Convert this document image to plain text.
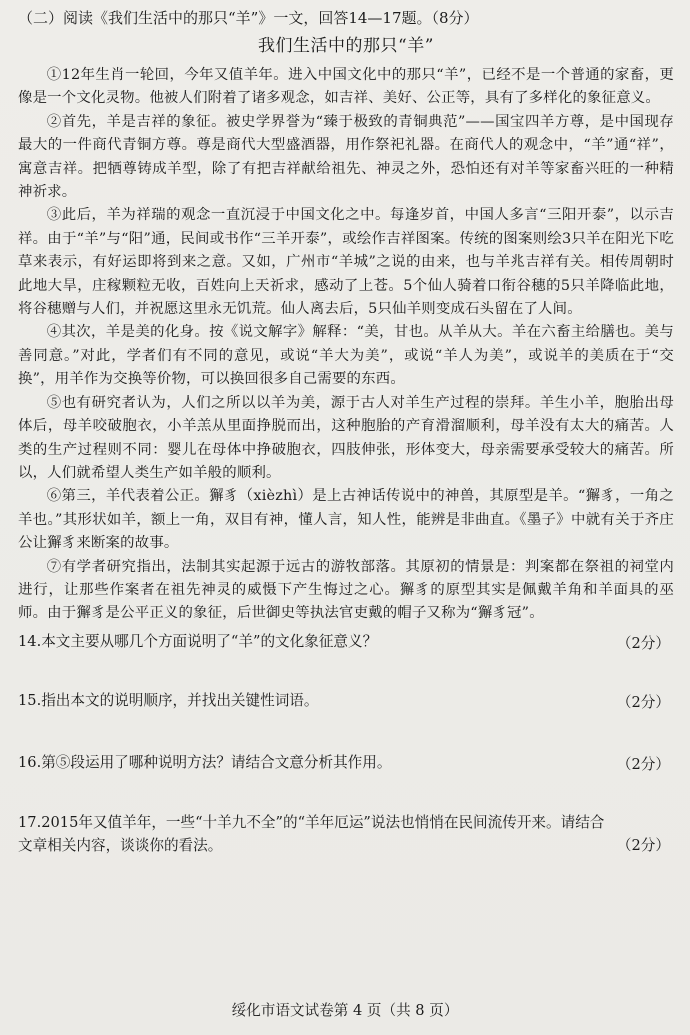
（二）阅读《我们生活中的那只“羊”》一文，回答14—17题。（8分）
我们生活中的那只“羊”

①12年生肖一轮回，今年又值羊年。进入中国文化中的那只“羊”，已经不是一个普通的家畜，更像是一个文化灵物。他被人们附着了诸多观念，如吉祥、美好、公正等，具有了多样化的象征意义。

②首先，羊是吉祥的象征。被史学界誉为“臻于极致的青铜典范”——国宝四羊方尊，是中国现存最大的一件商代青铜方尊。尊是商代大型盛酒器，用作祭祀礼器。在商代人的观念中，“羊”通“祥”，寓意吉祥。把牺尊铸成羊型，除了有把吉祥献给祖先、神灵之外，恐怕还有对羊等家畜兴旺的一种精神祈求。

③此后，羊为祥瑞的观念一直沉浸于中国文化之中。每逢岁首，中国人多言“三阳开泰”，以示吉祥。由于“羊”与“阳”通，民间或书作“三羊开泰”，或绘作吉祥图案。传统的图案则绘3只羊在阳光下吃草来表示，有好运即将到来之意。又如，广州市“羊城”之说的由来，也与羊兆吉祥有关。相传周朝时此地大旱，庄稼颗粒无收，百姓向上天祈求，感动了上苍。5个仙人骑着口衔谷穗的5只羊降临此地，将谷穗赠与人们，并祝愿这里永无饥荒。仙人离去后，5只仙羊则变成石头留在了人间。

④其次，羊是美的化身。按《说文解字》解释：“美，甘也。从羊从大。羊在六畜主给膳也。美与善同意。”对此，学者们有不同的意见，或说“羊大为美”，或说“羊人为美”，或说羊的美质在于“交换”，用羊作为交换等价物，可以换回很多自己需要的东西。

⑤也有研究者认为，人们之所以以羊为美，源于古人对羊生产过程的崇拜。羊生小羊，胞胎出母体后，母羊咬破胞衣，小羊羔从里面挣脱而出，这种胞胎的产育滑溜顺利，母羊没有太大的痛苦。人类的生产过程则不同：婴儿在母体中挣破胞衣，四肢伸张，形体变大，母亲需要承受较大的痛苦。所以，人们就希望人类生产如羊般的顺利。

⑥第三，羊代表着公正。獬豸（xièzhì）是上古神话传说中的神兽，其原型是羊。“獬豸，一角之羊也。”其形状如羊，额上一角，双目有神，懂人言，知人性，能辨是非曲直。《墨子》中就有关于齐庄公让獬豸来断案的故事。

⑦有学者研究指出，法制其实起源于远古的游牧部落。其原初的情景是：判案都在祭祖的祠堂内进行，让那些作案者在祖先神灵的威慑下产生悔过之心。獬豸的原型其实是佩戴羊角和羊面具的巫师。由于獬豸是公平正义的象征，后世御史等执法官吏戴的帽子又称为“獬豸冠”。

14.本文主要从哪几个方面说明了“羊”的文化象征意义？	（2分）
15.指出本文的说明顺序，并找出关键性词语。	（2分）
16.第⑤段运用了哪种说明方法？请结合文意分析其作用。	（2分）
17.2015年又值羊年，一些“十羊九不全”的“羊年厄运”说法也悄悄在民间流传开来。请结合文章相关内容，谈谈你的看法。	（2分）
绥化市语文试卷第 4 页（共 8 页）
